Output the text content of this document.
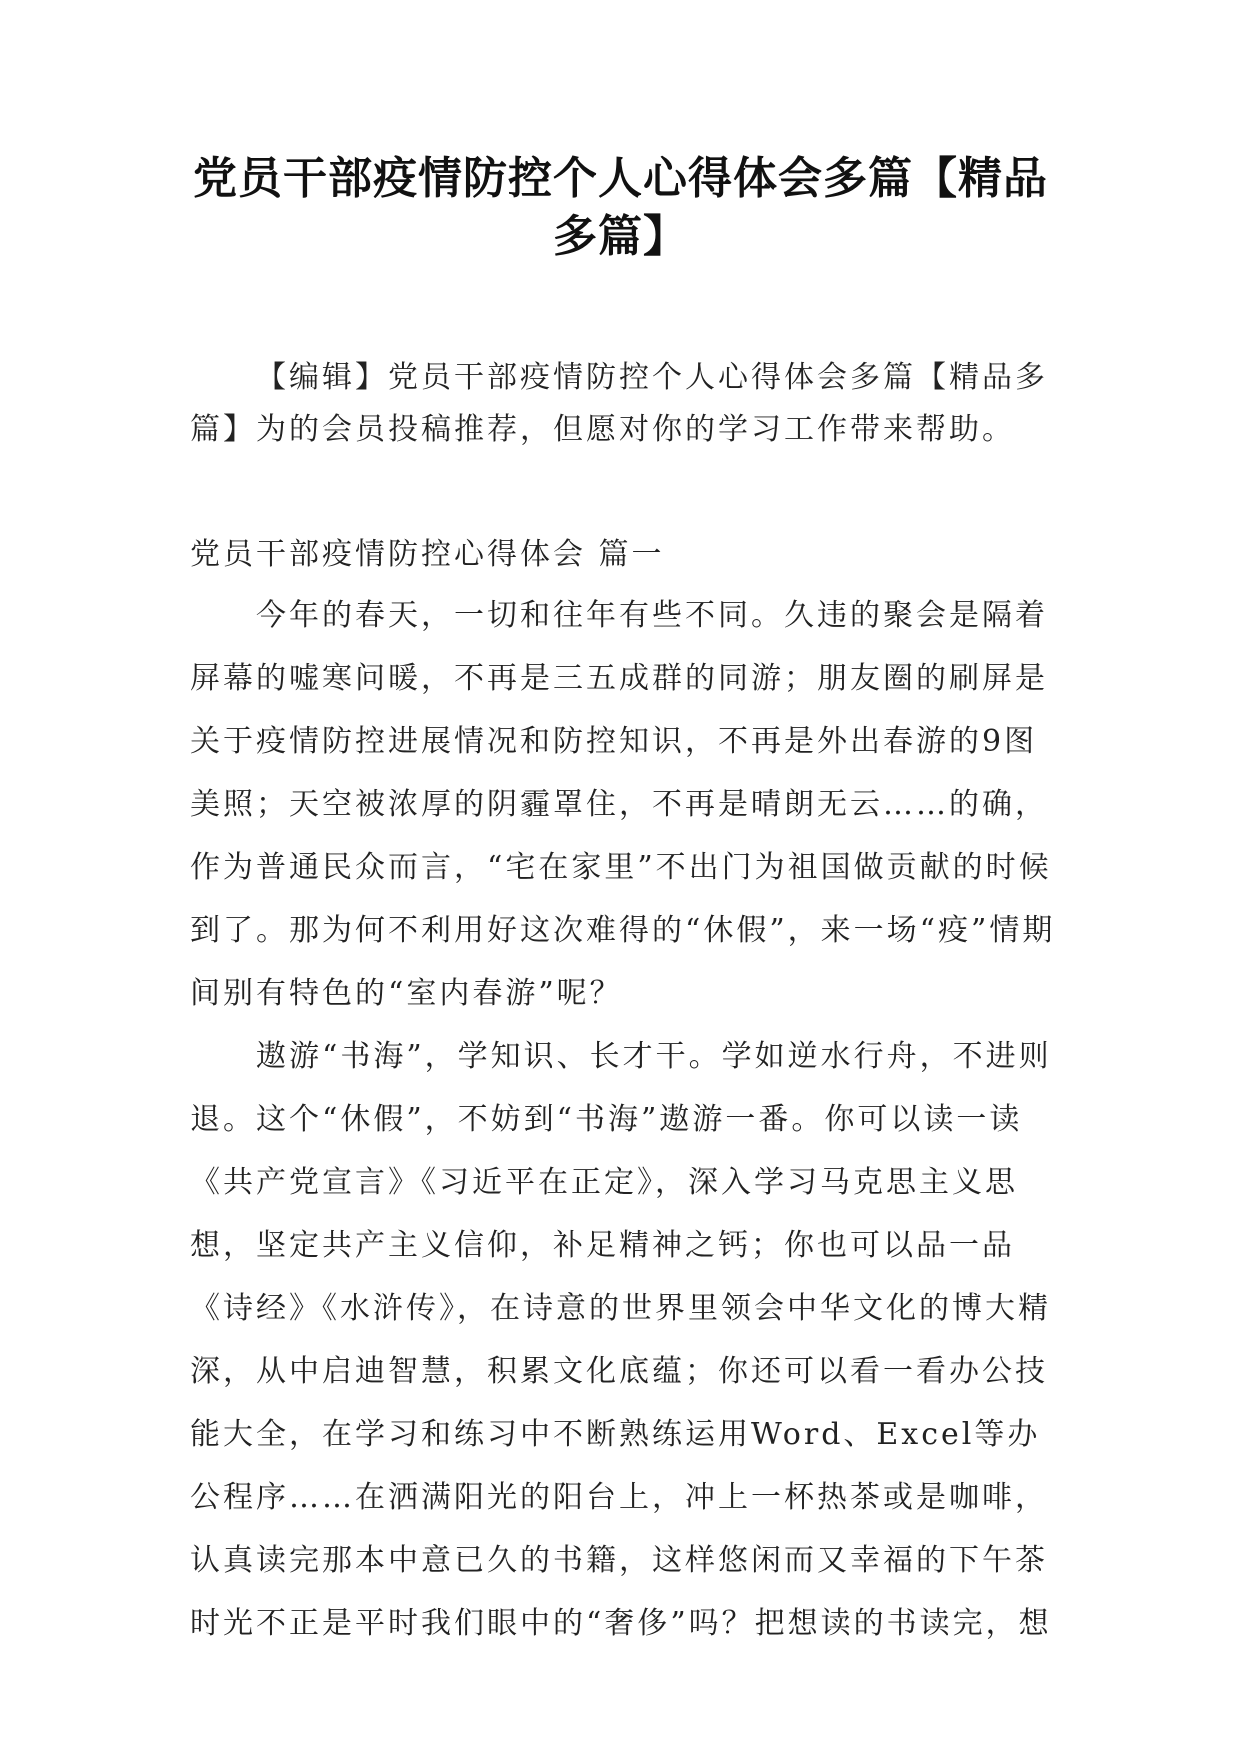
党员干部疫情防控个人心得体会多篇【精品
多篇】

【编辑】党员干部疫情防控个人心得体会多篇【精品多篇】为的会员投稿推荐，但愿对你的学习工作带来帮助。

党员干部疫情防控心得体会 篇一

今年的春天，一切和往年有些不同。久违的聚会是隔着屏幕的嘘寒问暖，不再是三五成群的同游；朋友圈的刷屏是关于疫情防控进展情况和防控知识，不再是外出春游的9图美照；天空被浓厚的阴霾罩住，不再是晴朗无云……的确，作为普通民众而言，“宅在家里”不出门为祖国做贡献的时候到了。那为何不利用好这次难得的“休假”，来一场“疫”情期间别有特色的“室内春游”呢？

遨游“书海”，学知识、长才干。学如逆水行舟，不进则退。这个“休假”，不妨到“书海”遨游一番。你可以读一读《共产党宣言》《习近平在正定》，深入学习马克思主义思想，坚定共产主义信仰，补足精神之钙；你也可以品一品《诗经》《水浒传》，在诗意的世界里领会中华文化的博大精深，从中启迪智慧，积累文化底蕴；你还可以看一看办公技能大全，在学习和练习中不断熟练运用Word、Excel等办公程序……在洒满阳光的阳台上，冲上一杯热茶或是咖啡，认真读完那本中意已久的书籍，这样悠闲而又幸福的下午茶时光不正是平时我们眼中的“奢侈”吗？把想读的书读完，想
